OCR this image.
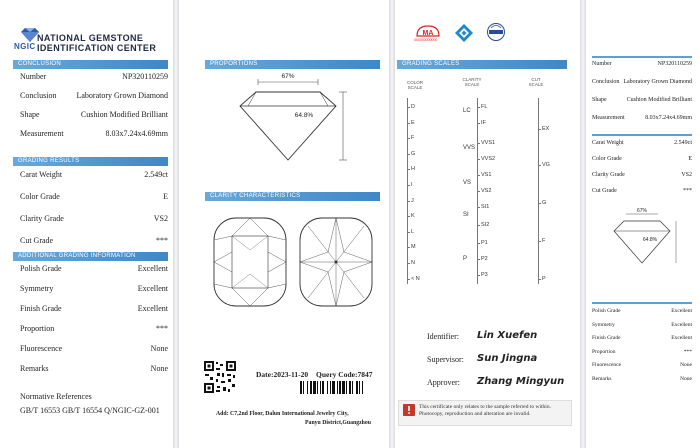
NGIC
NATIONAL GEMSTONE
IDENTIFICATION CENTER
CONCLUSION
Number	NP320110259
Conclusion	Laboratory Grown Diamond
Shape	Cushion Modified Brilliant
Measurement	8.03x7.24x4.69mm
GRADING RESULTS
Carat Weight	2.549ct
Color Grade	E
Clarity Grade	VS2
Cut Grade	***
ADDITIONAL GRADING INFORMATION
Polish Grade	Excellent
Symmetry	Excellent
Finish Grade	Excellent
Proportion	***
Fluorescence	None
Remarks	None
Normative References
GB/T 16553 GB/T 16554 Q/NGIC-GZ-001
PROPORTIONS
67%
64.8%
CLARITY CHARACTERISTICS
Date:2023-11-20 Query Code:7847
Add: C7,2nd Floor, Dalun International Jewelry City,
Panyu District,Guangzhou
MA
000000000000
GRADING SCALES
COLOR SCALE
CLARITY SCALE
CUT SCALE
D
E
F
G
H
I
J
K
L
M
N
< N
FL
IF
VVS1
VVS2
VS1
VS2
SI1
SI2
P1
P2
P3
LC
VVS
VS
SI
P
EX
VG
G
F
P
Identifier: Lin Xuefen
Supervisor: Sun Jingna
Approver: Zhang Mingyun
This certificate only relates to the sample referred to within. Photocopy, reproduction and alteration are invalid.
Number	NP320110259
Conclusion Laboratory Grown Diamond
Shape	Cushion Modified Brilliant
Measurement	8.03x7.24x4.69mm
Carat Weight	2.549ct
Color Grade	E
Clarity Grade	VS2
Cut Grade	***
67%
64.8%
Polish Grade	Excellent
Symmetry	Excellent
Finish Grade	Excellent
Proportion	***
Fluorescence	None
Remarks	None
